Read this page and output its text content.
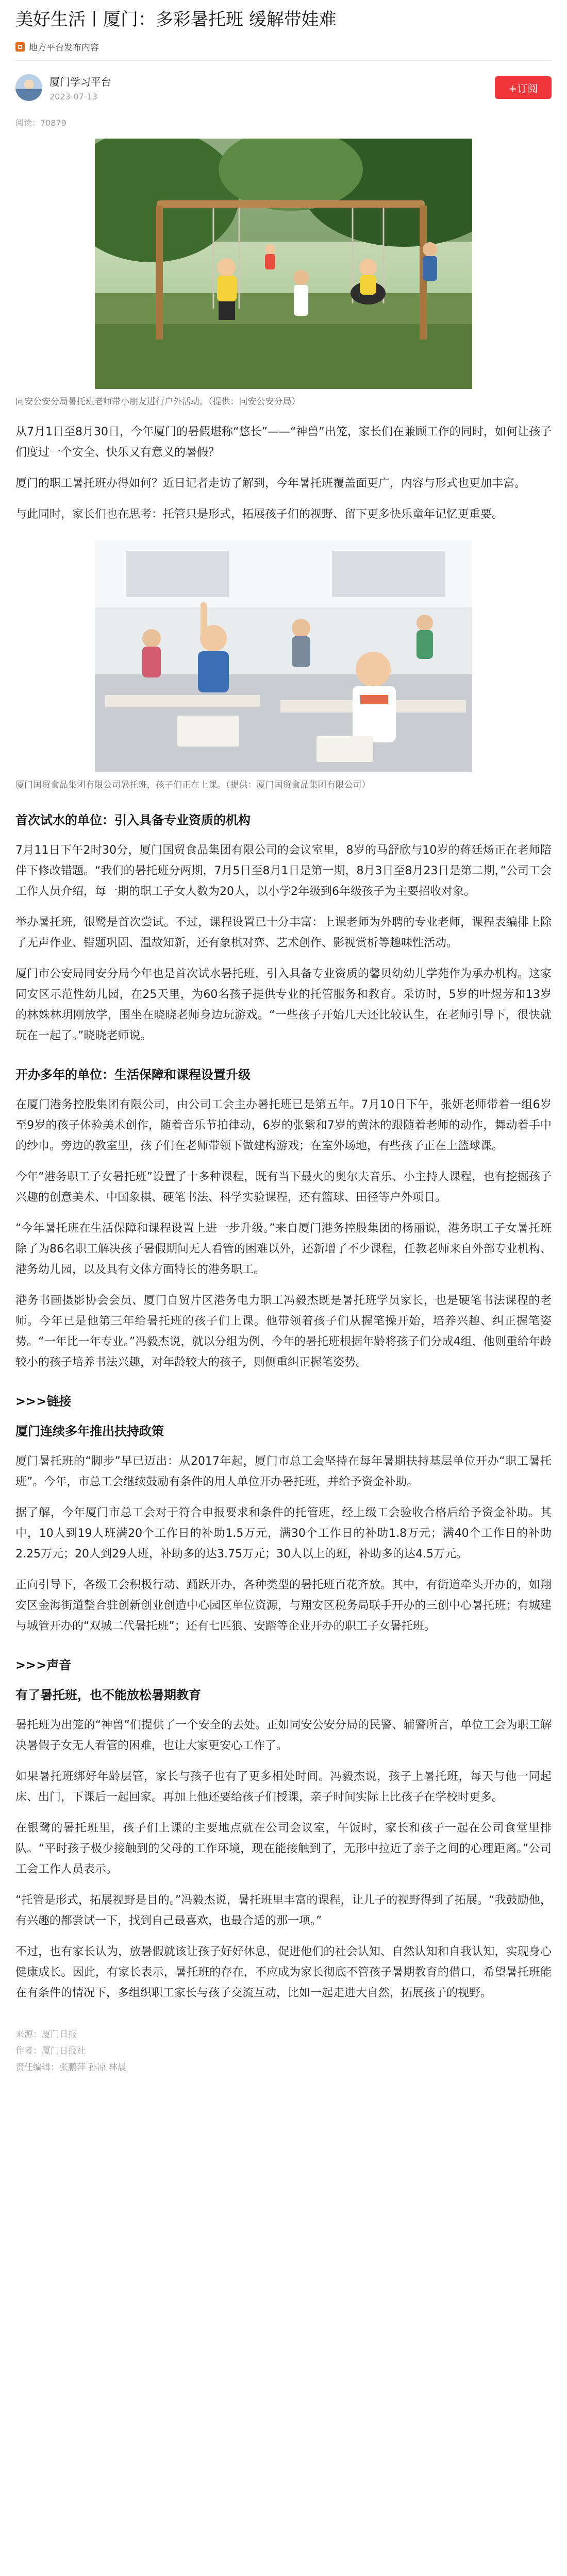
美好生活丨厦门：多彩暑托班 缓解带娃难
地方平台发布内容
厦门学习平台
2023-07-13
+订阅
阅读：70879
同安公安分局暑托班老师带小朋友进行户外活动。（提供：同安公安分局）

从7月1日至8月30日，今年厦门的暑假堪称“悠长”——“神兽”出笼，家长们在兼顾工作的同时，如何让孩子们度过一个安全、快乐又有意义的暑假？

厦门的职工暑托班办得如何？近日记者走访了解到，今年暑托班覆盖面更广，内容与形式也更加丰富。

与此同时，家长们也在思考：托管只是形式，拓展孩子们的视野、留下更多快乐童年记忆更重要。

厦门国贸食品集团有限公司暑托班，孩子们正在上课。（提供：厦门国贸食品集团有限公司）
首次试水的单位：引入具备专业资质的机构

7月11日下午2时30分，厦门国贸食品集团有限公司的会议室里，8岁的马舒欣与10岁的蒋廷炀正在老师陪伴下修改错题。“我们的暑托班分两期，7月5日至8月1日是第一期，8月3日至8月23日是第二期，”公司工会工作人员介绍，每一期的职工子女人数为20人，以小学2年级到6年级孩子为主要招收对象。

举办暑托班，银鹭是首次尝试。不过，课程设置已十分丰富：上课老师为外聘的专业老师，课程表编排上除了无声作业、错题巩固、温故知新，还有象棋对弈、艺术创作、影视赏析等趣味性活动。

厦门市公安局同安分局今年也是首次试水暑托班，引入具备专业资质的馨贝幼幼儿学苑作为承办机构。这家同安区示范性幼儿园，在25天里，为60名孩子提供专业的托管服务和教育。采访时，5岁的叶煜芳和13岁的林姝林玥刚放学，围坐在晓晓老师身边玩游戏。“一些孩子开始几天还比较认生，在老师引导下，很快就玩在一起了。”晓晓老师说。

开办多年的单位：生活保障和课程设置升级

在厦门港务控股集团有限公司，由公司工会主办暑托班已是第五年。7月10日下午，张妍老师带着一组6岁至9岁的孩子体验美术创作，随着音乐节拍律动，6岁的张紫和7岁的黄沐的跟随着老师的动作，舞动着手中的纱巾。旁边的教室里，孩子们在老师带领下做建构游戏；在室外场地，有些孩子正在上篮球课。

今年“港务职工子女暑托班”设置了十多种课程，既有当下最火的奥尔夫音乐、小主持人课程，也有挖掘孩子兴趣的创意美术、中国象棋、硬笔书法、科学实验课程，还有篮球、田径等户外项目。

“今年暑托班在生活保障和课程设置上进一步升级。”来自厦门港务控股集团的杨丽说，港务职工子女暑托班除了为86名职工解决孩子暑假期间无人看管的困难以外，还新增了不少课程，任教老师来自外部专业机构、港务幼儿园，以及具有文体方面特长的港务职工。

港务书画摄影协会会员、厦门自贸片区港务电力职工冯毅杰既是暑托班学员家长，也是硬笔书法课程的老师。今年已是他第三年给暑托班的孩子们上课。他带领着孩子们从握笔操开始，培养兴趣、纠正握笔姿势。“一年比一年专业。”冯毅杰说，就以分组为例，今年的暑托班根据年龄将孩子们分成4组，他则重给年龄较小的孩子培养书法兴趣，对年龄较大的孩子，则侧重纠正握笔姿势。

>>>链接
厦门连续多年推出扶持政策

厦门暑托班的“脚步”早已迈出：从2017年起，厦门市总工会坚持在每年暑期扶持基层单位开办“职工暑托班”。今年，市总工会继续鼓励有条件的用人单位开办暑托班，并给予资金补助。

据了解，今年厦门市总工会对于符合申报要求和条件的托管班，经上级工会验收合格后给予资金补助。其中，10人到19人班满20个工作日的补助1.5万元，满30个工作日的补助1.8万元；满40个工作日的补助2.25万元；20人到29人班，补助多的达3.75万元；30人以上的班，补助多的达4.5万元。

正向引导下，各级工会积极行动、踊跃开办，各种类型的暑托班百花齐放。其中，有街道牵头开办的，如翔安区金海街道整合驻创新创业创造中心园区单位资源，与翔安区税务局联手开办的三创中心暑托班；有城建与城管开办的“双城二代暑托班”；还有七匹狼、安踏等企业开办的职工子女暑托班。

>>>声音
有了暑托班，也不能放松暑期教育

暑托班为出笼的“神兽”们提供了一个安全的去处。正如同安公安分局的民警、辅警所言，单位工会为职工解决暑假子女无人看管的困难，也让大家更安心工作了。

如果暑托班绑好年龄层管，家长与孩子也有了更多相处时间。冯毅杰说，孩子上暑托班，每天与他一同起床、出门，下课后一起回家。再加上他还要给孩子们授课，亲子时间实际上比孩子在学校时更多。

在银鹭的暑托班里，孩子们上课的主要地点就在公司会议室，午饭时，家长和孩子一起在公司食堂里排队。“平时孩子极少接触到的父母的工作环境，现在能接触到了，无形中拉近了亲子之间的心理距离。”公司工会工作人员表示。

“托管是形式，拓展视野是目的。”冯毅杰说，暑托班里丰富的课程，让儿子的视野得到了拓展。“我鼓励他，有兴趣的都尝试一下，找到自己最喜欢，也最合适的那一项。”

不过，也有家长认为，放暑假就该让孩子好好休息，促进他们的社会认知、自然认知和自我认知，实现身心健康成长。因此，有家长表示，暑托班的存在，不应成为家长彻底不管孩子暑期教育的借口，希望暑托班能在有条件的情况下，多组织职工家长与孩子交流互动，比如一起走进大自然，拓展孩子的视野。

来源：厦门日报
作者：厦门日报社
责任编辑：张鹏萍 孙凉 林晨
